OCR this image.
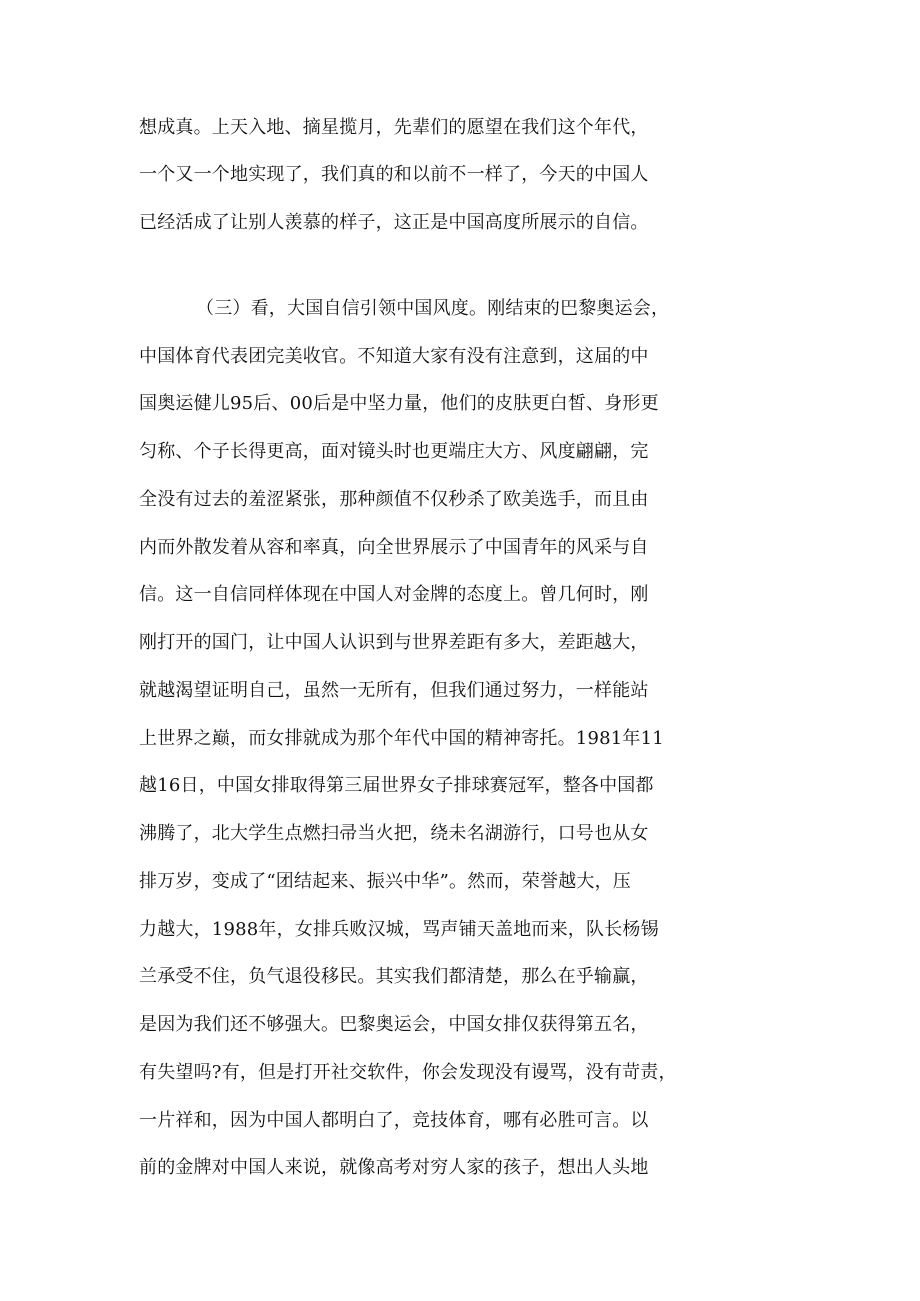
想成真。上天入地、摘星揽月，先辈们的愿望在我们这个年代，
一个又一个地实现了，我们真的和以前不一样了，今天的中国人
已经活成了让别人羡慕的样子，这正是中国高度所展示的自信。
（三）看，大国自信引领中国风度。刚结束的巴黎奥运会，
中国体育代表团完美收官。不知道大家有没有注意到，这届的中
国奥运健儿95后、00后是中坚力量，他们的皮肤更白皙、身形更
匀称、个子长得更高，面对镜头时也更端庄大方、风度翩翩，完
全没有过去的羞涩紧张，那种颜值不仅秒杀了欧美选手，而且由
内而外散发着从容和率真，向全世界展示了中国青年的风采与自
信。这一自信同样体现在中国人对金牌的态度上。曾几何时，刚
刚打开的国门，让中国人认识到与世界差距有多大，差距越大，
就越渴望证明自己，虽然一无所有，但我们通过努力，一样能站
上世界之巅，而女排就成为那个年代中国的精神寄托。1981年11
越16日，中国女排取得第三届世界女子排球赛冠军，整各中国都
沸腾了，北大学生点燃扫帚当火把，绕未名湖游行，口号也从女
排万岁，变成了“团结起来、振兴中华”。然而，荣誉越大，压
力越大，1988年，女排兵败汉城，骂声铺天盖地而来，队长杨锡
兰承受不住，负气退役移民。其实我们都清楚，那么在乎输赢，
是因为我们还不够强大。巴黎奥运会，中国女排仅获得第五名，
有失望吗?有，但是打开社交软件，你会发现没有谩骂，没有苛责，
一片祥和，因为中国人都明白了，竞技体育，哪有必胜可言。以
前的金牌对中国人来说，就像高考对穷人家的孩子，想出人头地
